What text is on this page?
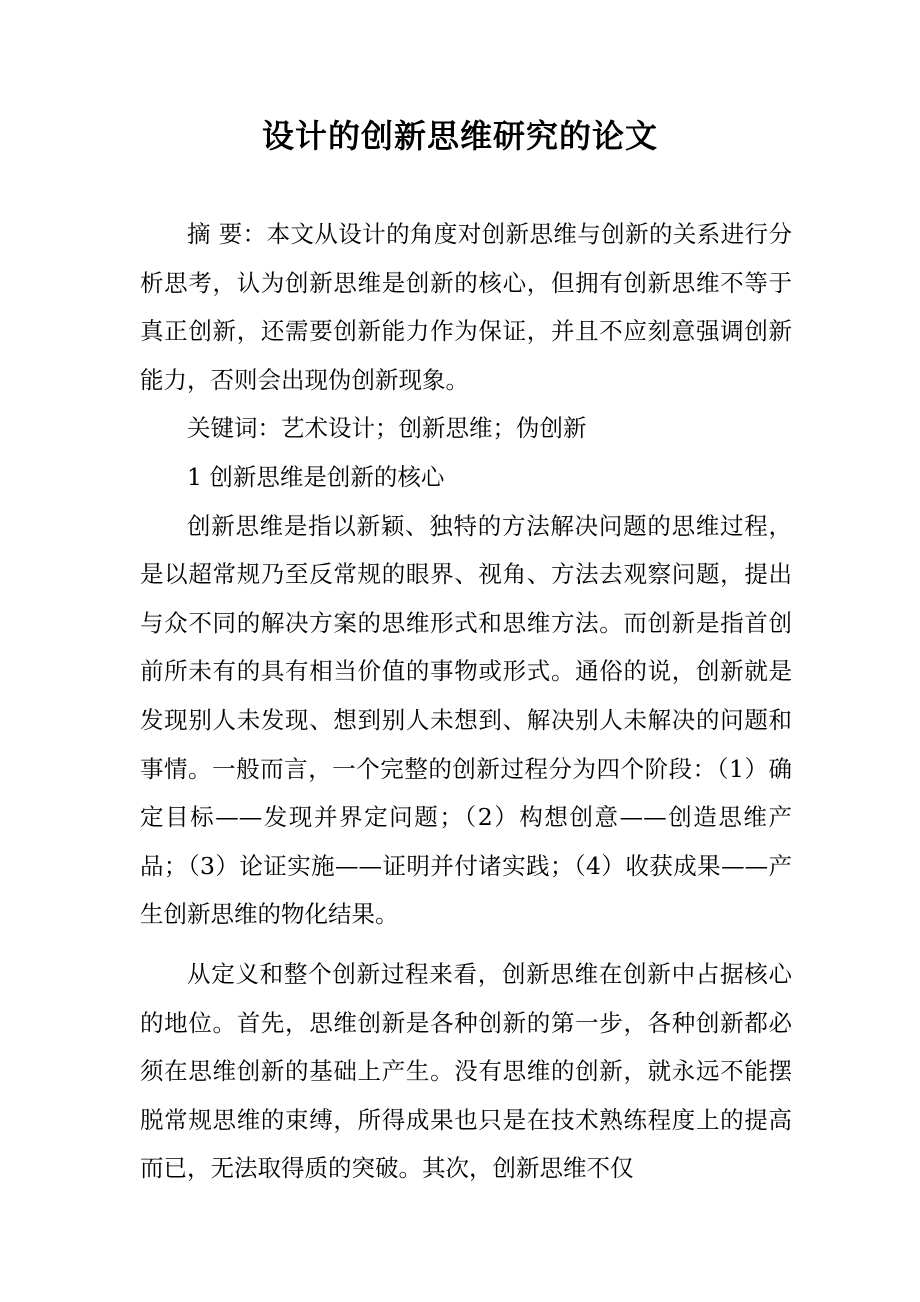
设计的创新思维研究的论文

摘 要：本文从设计的角度对创新思维与创新的关系进行分析思考，认为创新思维是创新的核心，但拥有创新思维不等于真正创新，还需要创新能力作为保证，并且不应刻意强调创新能力，否则会出现伪创新现象。

关键词：艺术设计；创新思维；伪创新

1 创新思维是创新的核心

创新思维是指以新颖、独特的方法解决问题的思维过程，是以超常规乃至反常规的眼界、视角、方法去观察问题，提出与众不同的解决方案的思维形式和思维方法。而创新是指首创前所未有的具有相当价值的事物或形式。通俗的说，创新就是发现别人未发现、想到别人未想到、解决别人未解决的问题和事情。一般而言，一个完整的创新过程分为四个阶段：（1）确定目标——发现并界定问题；（2）构想创意——创造思维产品；（3）论证实施——证明并付诸实践；（4）收获成果——产生创新思维的物化结果。

从定义和整个创新过程来看，创新思维在创新中占据核心的地位。首先，思维创新是各种创新的第一步，各种创新都必须在思维创新的基础上产生。没有思维的创新，就永远不能摆脱常规思维的束缚，所得成果也只是在技术熟练程度上的提高而已，无法取得质的突破。其次，创新思维不仅
